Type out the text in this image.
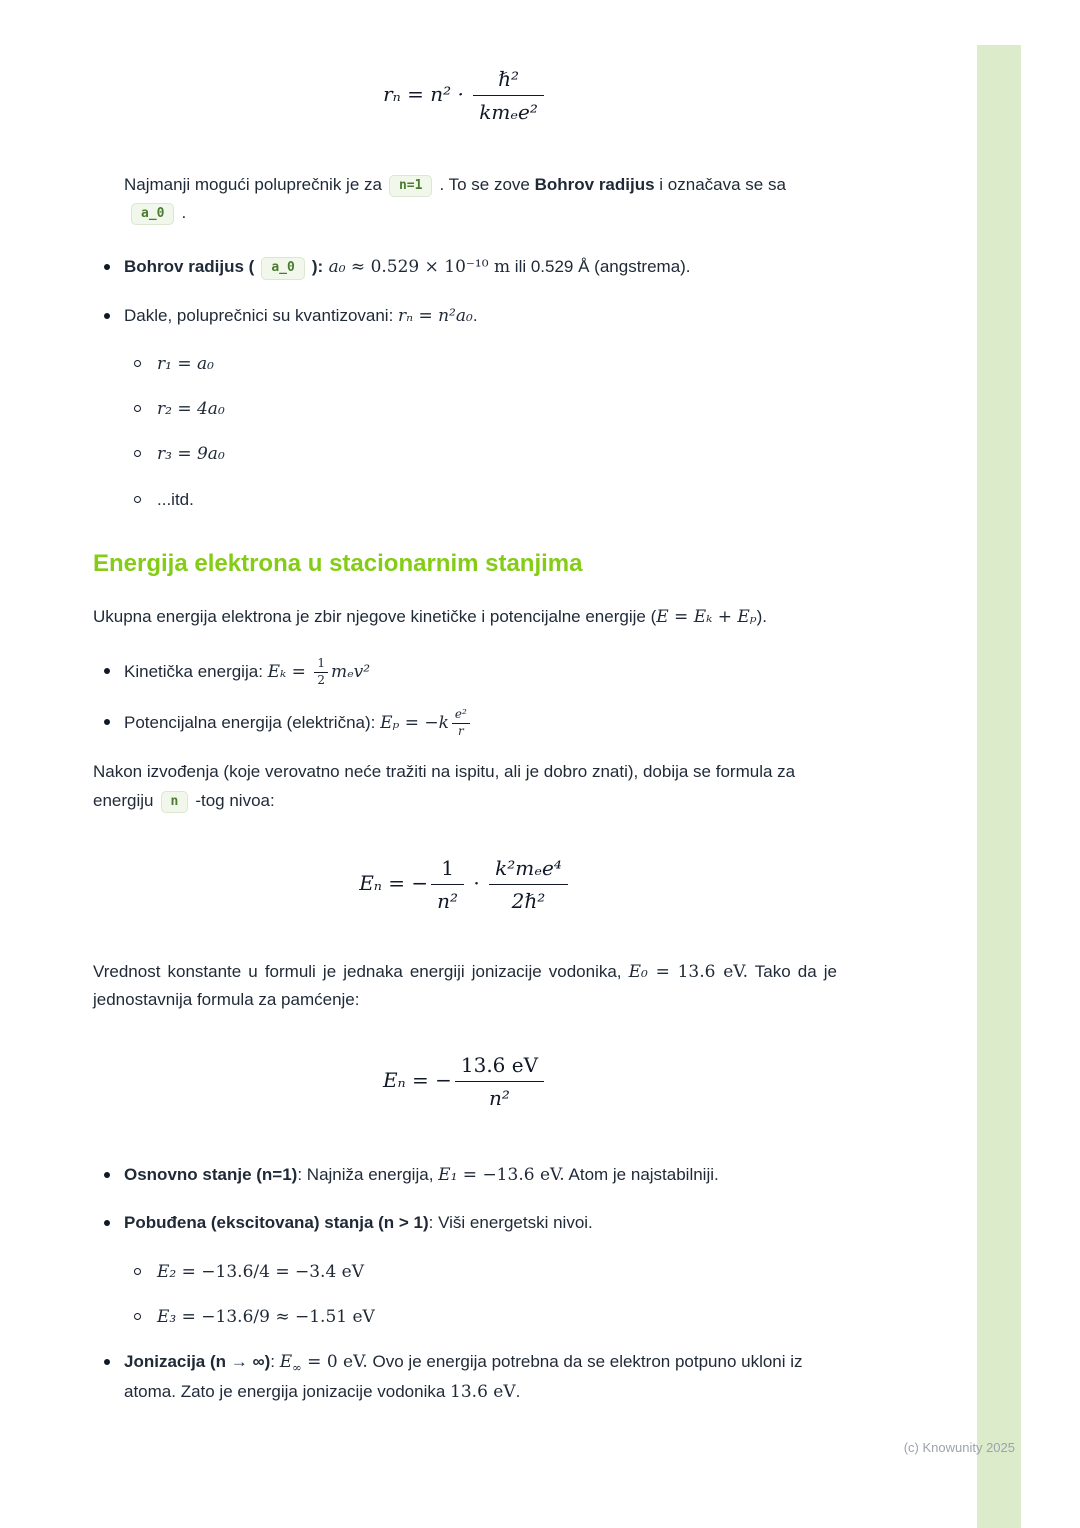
$r_n = n^2 \cdot \frac{\text{ℏ²}}{\text{kmₑe²}}$

Najmanji mogući poluprečnik je za n=1 . To se zove Bohrov radijus i označava se saa_0 .

Bohrov radijus ( a_0 ): a₀ ≈ 0.529 × 10⁻¹⁰ m ili 0.529 Å (angstrema).
Dakle, poluprečnici su kvantizovani: rₙ = n²a₀.
r₁ = a₀
r₂ = 4a₀
r₃ = 9a₀
...itd.
Energija elektrona u stacionarnim stanjima

Ukupna energija elektrona je zbir njegove kinetičke i potencijalne energije (E = Eₖ + Eₚ).

Kinetička energija: $E_k = \frac{1}{2} m_ev^2$
Potencijalna energija (električna): $E_p = -k \frac{\text{e²}}{r}$

Nakon izvođenja (koje verovatno neće tražiti na ispitu, ali je dobro znati), dobija se formula za energiju n -tog nivoa:

Eₙ = − $\frac{1}{\text{n²}} \cdot \frac{\text{k²mₑe⁴}}{\text{2ℏ²}}$

Vrednost konstante u formuli je jednaka energiji jonizacije vodonika, E₀ = 13.6 eV. Tako da je jednostavnija formula za pamćenje:

Eₙ = − $\frac{13.6 eV}{\text{n²}}$
Osnovno stanje (n=1): Najniža energija, E₁ = −13.6 eV. Atom je najstabilniji.
Pobuđena (ekscitovana) stanja (n > 1): Viši energetski nivoi.
E₂ = −13.6/4 = −3.4 eV
E₃ = −13.6/9 ≈ −1.51 eV
Jonizacija (n → ∞): $E_\infty = 0$ eV. Ovo je energija potrebna da se elektron potpuno ukloni iz atoma. Zato je energija jonizacije vodonika 13.6 eV.
(c) Knowunity 2025
